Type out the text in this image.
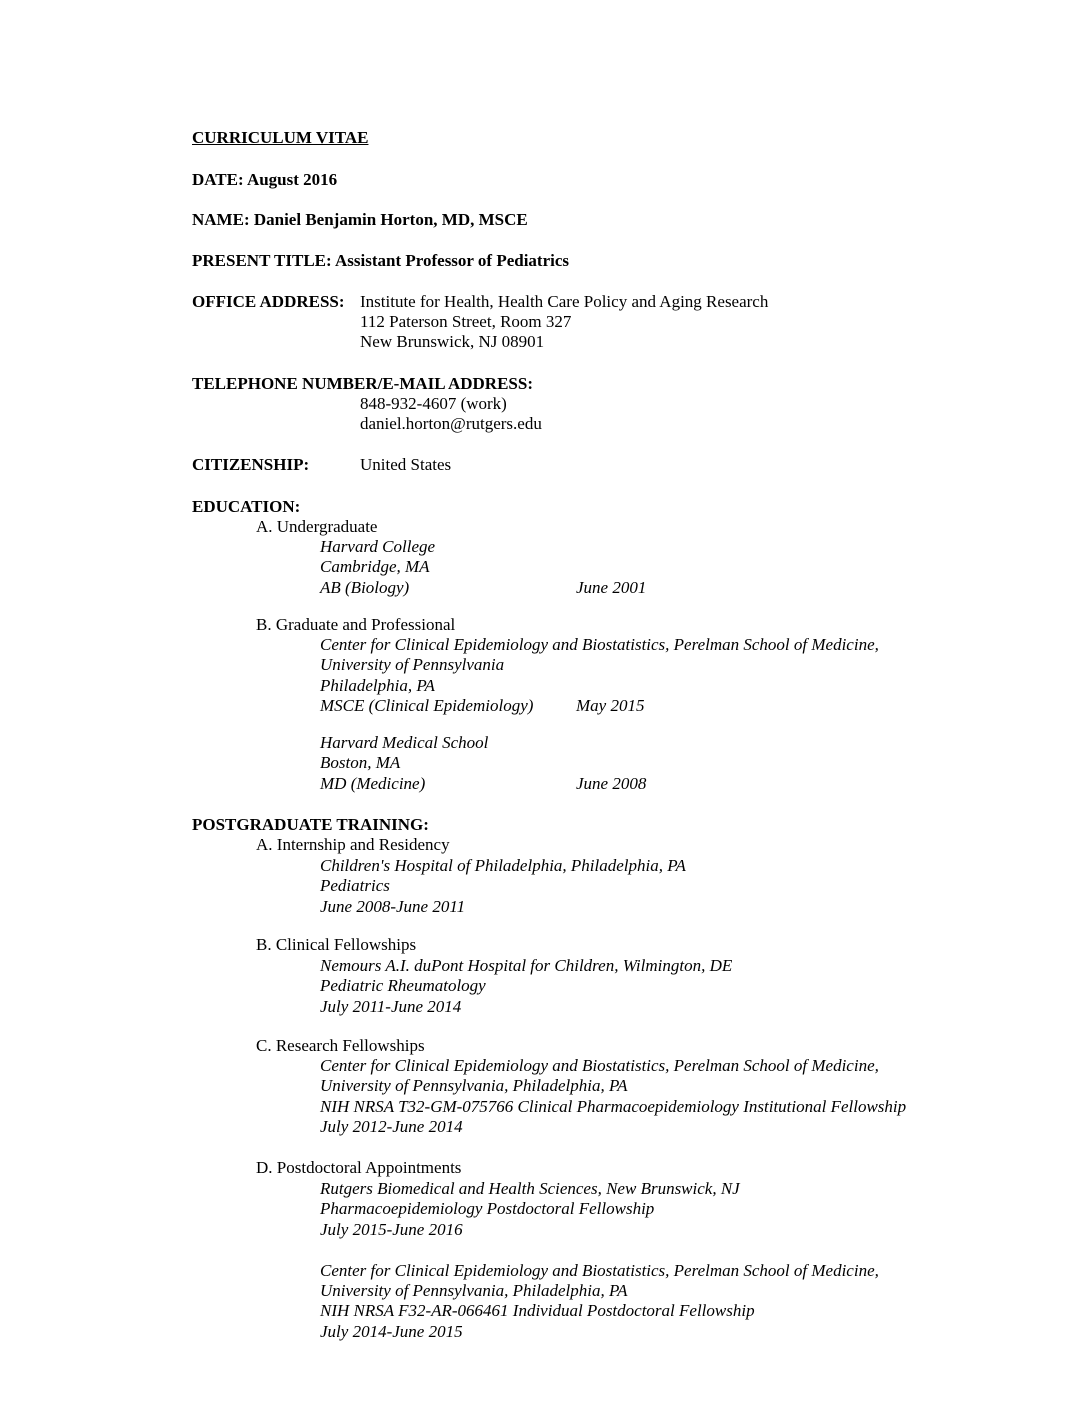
CURRICULUM VITAE
DATE: August 2016
NAME: Daniel Benjamin Horton, MD, MSCE
PRESENT TITLE: Assistant Professor of Pediatrics
OFFICE ADDRESS: Institute for Health, Health Care Policy and Aging Research
112 Paterson Street, Room 327
New Brunswick, NJ 08901
TELEPHONE NUMBER/E-MAIL ADDRESS:
848-932-4607 (work)
daniel.horton@rutgers.edu
CITIZENSHIP:	United States
EDUCATION:
A. Undergraduate
Harvard College
Cambridge, MA
AB (Biology)	June 2001
B. Graduate and Professional
Center for Clinical Epidemiology and Biostatistics, Perelman School of Medicine,
University of Pennsylvania
Philadelphia, PA
MSCE (Clinical Epidemiology)	May 2015
Harvard Medical School
Boston, MA
MD (Medicine)	June 2008
POSTGRADUATE TRAINING:
A. Internship and Residency
Children's Hospital of Philadelphia, Philadelphia, PA
Pediatrics
June 2008-June 2011
B. Clinical Fellowships
Nemours A.I. duPont Hospital for Children, Wilmington, DE
Pediatric Rheumatology
July 2011-June 2014
C. Research Fellowships
Center for Clinical Epidemiology and Biostatistics, Perelman School of Medicine,
University of Pennsylvania, Philadelphia, PA
NIH NRSA T32-GM-075766 Clinical Pharmacoepidemiology Institutional Fellowship
July 2012-June 2014
D. Postdoctoral Appointments
Rutgers Biomedical and Health Sciences, New Brunswick, NJ
Pharmacoepidemiology Postdoctoral Fellowship
July 2015-June 2016
Center for Clinical Epidemiology and Biostatistics, Perelman School of Medicine,
University of Pennsylvania, Philadelphia, PA
NIH NRSA F32-AR-066461 Individual Postdoctoral Fellowship
July 2014-June 2015
